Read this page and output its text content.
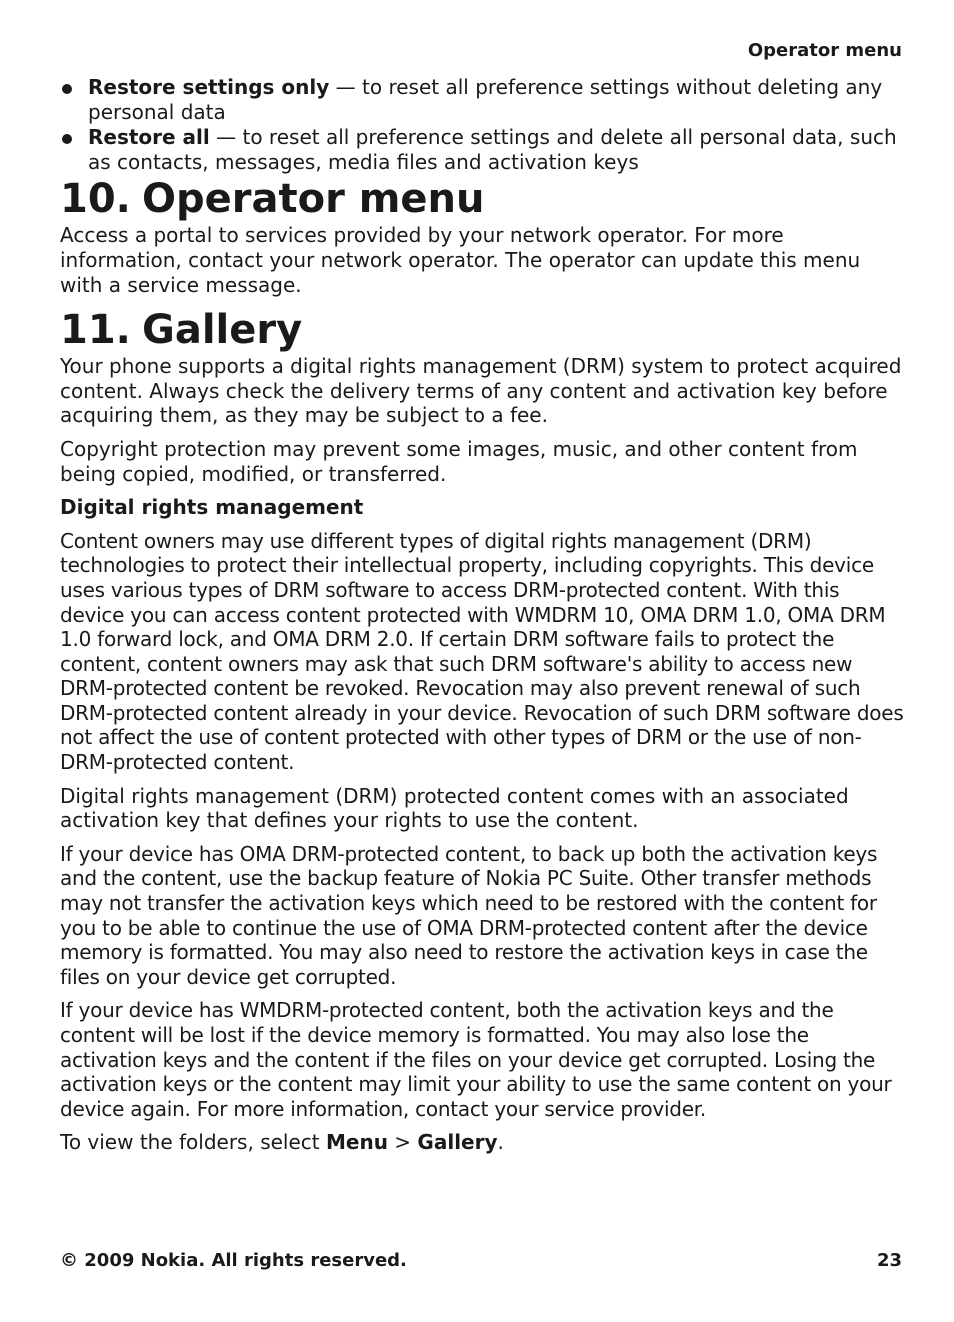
Operator menu
Restore settings only — to reset all preference settings without deleting any personal data
Restore all — to reset all preference settings and delete all personal data, such as contacts, messages, media files and activation keys
10. Operator menu

Access a portal to services provided by your network operator. For more information, contact your network operator. The operator can update this menu with a service message.

11. Gallery

Your phone supports a digital rights management (DRM) system to protect acquired content. Always check the delivery terms of any content and activation key before acquiring them, as they may be subject to a fee.

Copyright protection may prevent some images, music, and other content from being copied, modified, or transferred.

Digital rights management

Content owners may use different types of digital rights management (DRM) technologies to protect their intellectual property, including copyrights. This device uses various types of DRM software to access DRM-protected content. With this device you can access content protected with WMDRM 10, OMA DRM 1.0, OMA DRM 1.0 forward lock, and OMA DRM 2.0. If certain DRM software fails to protect the content, content owners may ask that such DRM software's ability to access new DRM-protected content be revoked. Revocation may also prevent renewal of such DRM-protected content already in your device. Revocation of such DRM software does not affect the use of content protected with other types of DRM or the use of non-DRM-protected content.

Digital rights management (DRM) protected content comes with an associated activation key that defines your rights to use the content.

If your device has OMA DRM-protected content, to back up both the activation keys and the content, use the backup feature of Nokia PC Suite. Other transfer methods may not transfer the activation keys which need to be restored with the content for you to be able to continue the use of OMA DRM-protected content after the device memory is formatted. You may also need to restore the activation keys in case the files on your device get corrupted.

If your device has WMDRM-protected content, both the activation keys and the content will be lost if the device memory is formatted. You may also lose the activation keys and the content if the files on your device get corrupted. Losing the activation keys or the content may limit your ability to use the same content on your device again. For more information, contact your service provider.

To view the folders, select Menu > Gallery.

© 2009 Nokia. All rights reserved.	23
